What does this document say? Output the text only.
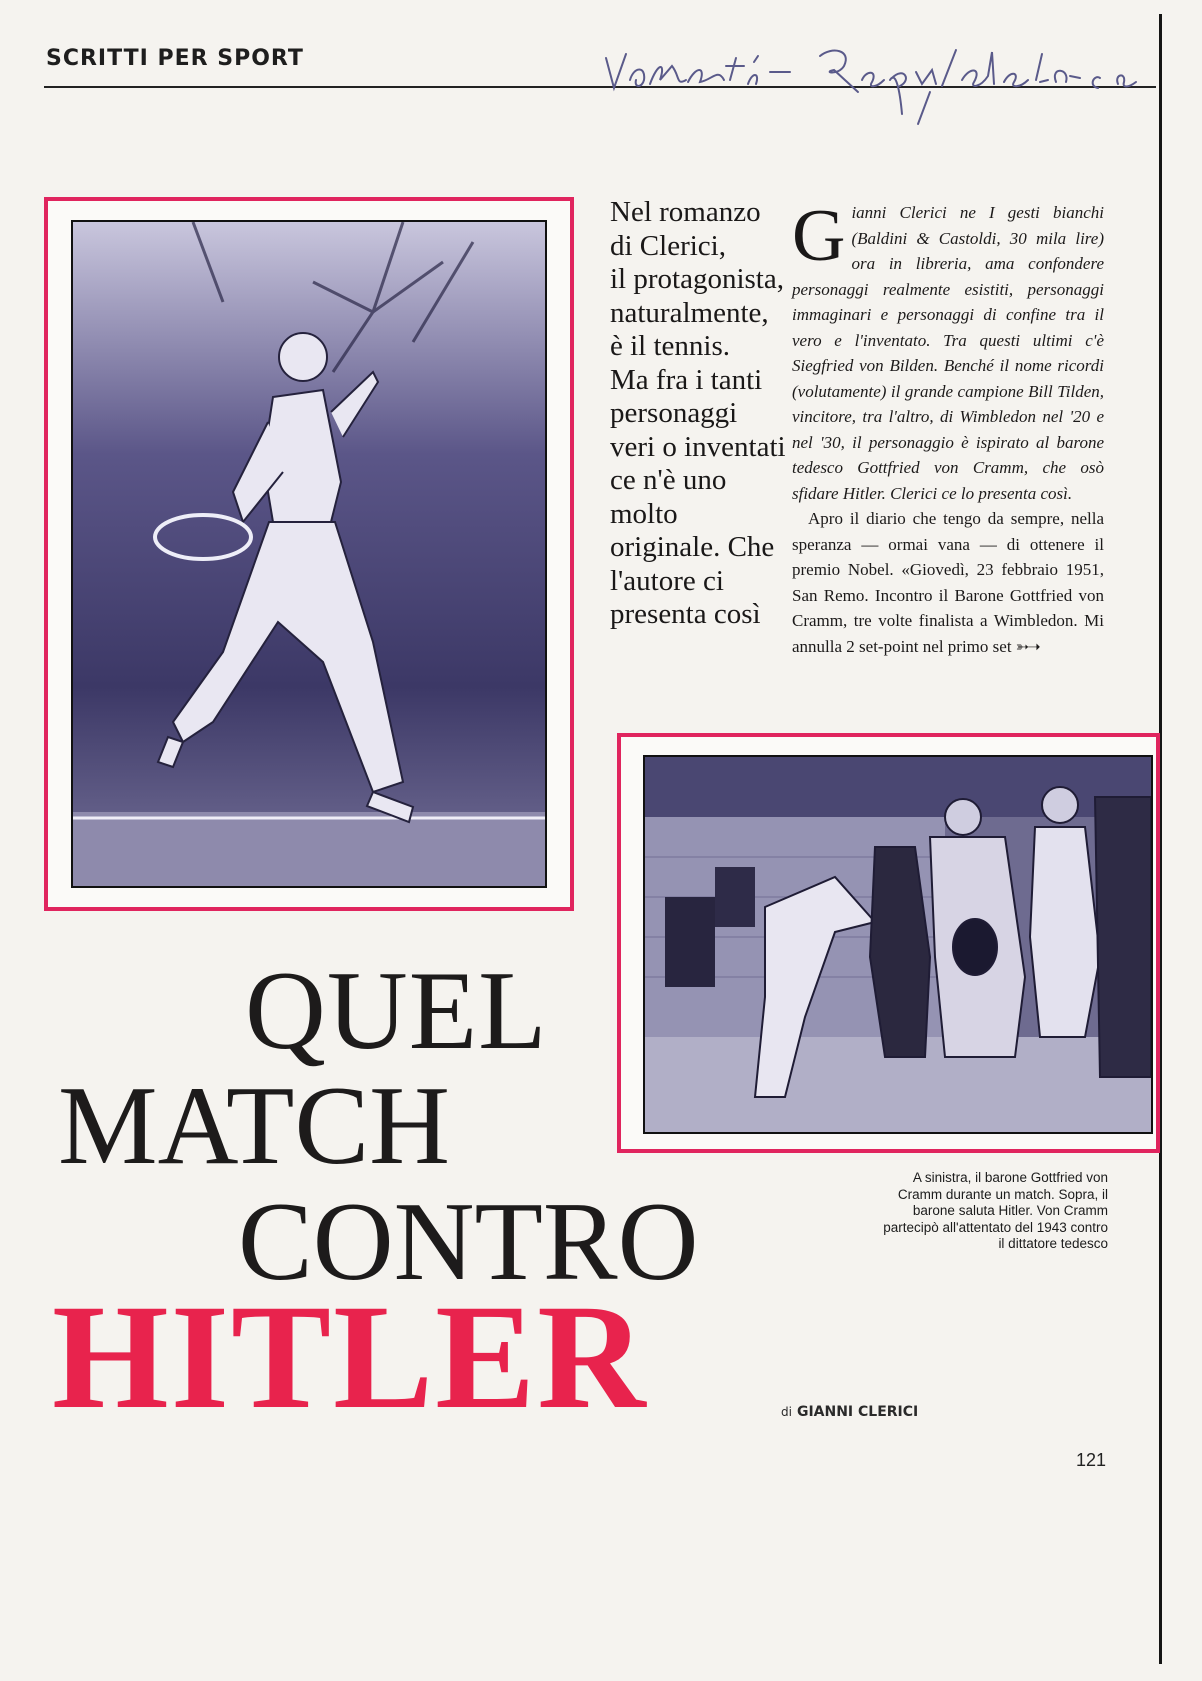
SCRITTI PER SPORT
Nel romanzo
di Clerici,
il protagonista,
naturalmente,
è il tennis.
Ma fra i tanti
personaggi
veri o inventati
ce n'è uno
molto
originale. Che
l'autore ci
presenta così
G ianni Clerici ne I gesti bianchi (Baldini & Castoldi, 30 mila lire) ora in libreria, ama confondere personaggi realmente esistiti, personaggi immaginari e personaggi di confine tra il vero e l'inventato. Tra questi ultimi c'è Siegfried von Bilden. Benché il nome ricordi (volutamente) il grande campione Bill Tilden, vincitore, tra l'altro, di Wimbledon nel '20 e nel '30, il personaggio è ispirato al barone tedesco Gottfried von Cramm, che osò sfidare Hitler. Clerici ce lo presenta così.

Apro il diario che tengo da sempre, nella speranza — ormai vana — di ottenere il premio Nobel. «Giovedì, 23 febbraio 1951, San Remo. Incontro il Barone Gottfried von Cramm, tre volte finalista a Wimbledon. Mi annulla 2 set-point nel primo set ➳➝

QUEL
MATCH
CONTRO
HITLER
A sinistra, il barone Gottfried von Cramm durante un match. Sopra, il barone saluta Hitler. Von Cramm partecipò all'attentato del 1943 contro il dittatore tedesco
di GIANNI CLERICI
121
